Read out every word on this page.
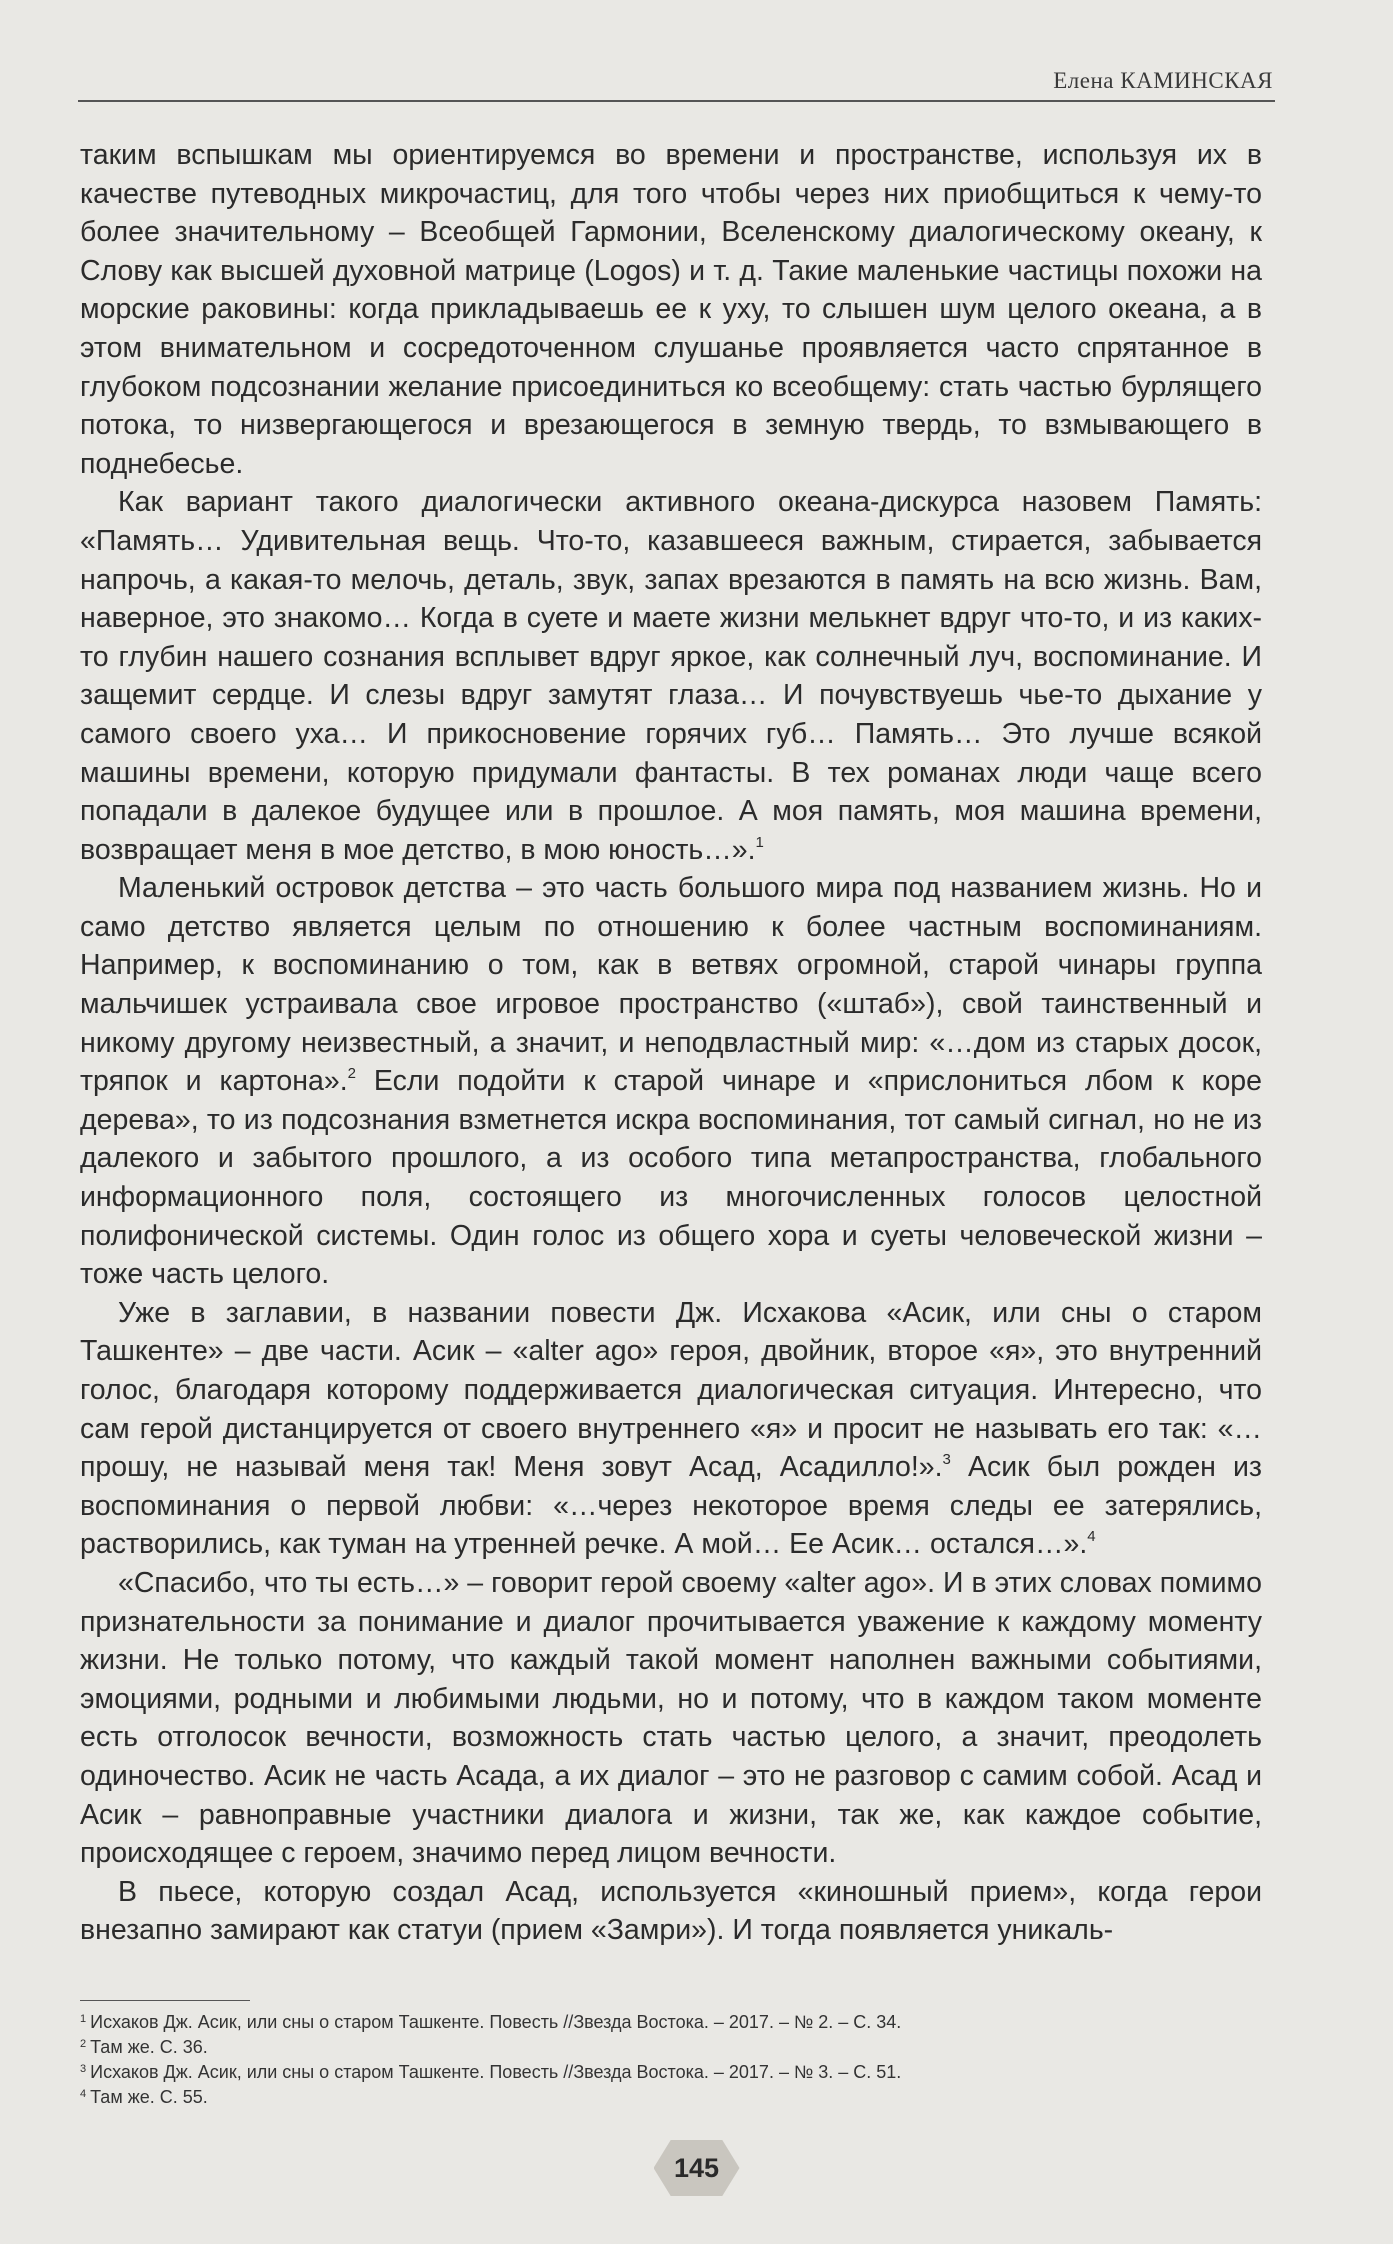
Елена КАМИНСКАЯ

таким вспышкам мы ориентируемся во времени и пространстве, используя их в качестве путеводных микрочастиц, для того чтобы через них приобщиться к чему-то более значительному – Всеобщей Гармонии, Вселенскому диалогическому океану, к Слову как высшей духовной матрице (Logos) и т. д. Такие маленькие частицы похожи на морские раковины: когда прикладываешь ее к уху, то слышен шум целого океана, а в этом внимательном и сосредоточенном слушанье проявляется часто спрятанное в глубоком подсознании желание присоединиться ко всеобщему: стать частью бурлящего потока, то низвергающегося и врезающегося в земную твердь, то взмывающего в поднебесье.

Как вариант такого диалогически активного океана-дискурса назовем Память: «Память… Удивительная вещь. Что-то, казавшееся важным, стирается, забывается напрочь, а какая-то мелочь, деталь, звук, запах врезаются в память на всю жизнь. Вам, наверное, это знакомо… Когда в суете и маете жизни мелькнет вдруг что-то, и из каких-то глубин нашего сознания всплывет вдруг яркое, как солнечный луч, воспоминание. И защемит сердце. И слезы вдруг замутят глаза… И почувствуешь чье-то дыхание у самого своего уха… И прикосновение горячих губ… Память… Это лучше всякой машины времени, которую придумали фантасты. В тех романах люди чаще всего попадали в далекое будущее или в прошлое. А моя память, моя машина времени, возвращает меня в мое детство, в мою юность…».$^1$

Маленький островок детства – это часть большого мира под названием жизнь. Но и само детство является целым по отношению к более частным воспоминаниям. Например, к воспоминанию о том, как в ветвях огромной, старой чинары группа мальчишек устраивала свое игровое пространство («штаб»), свой таинственный и никому другому неизвестный, а значит, и неподвластный мир: «…дом из старых досок, тряпок и картона».$^2$ Если подойти к старой чинаре и «прислониться лбом к коре дерева», то из подсознания взметнется искра воспоминания, тот самый сигнал, но не из далекого и забытого прошлого, а из особого типа метапространства, глобального информационного поля, состоящего из многочисленных голосов целостной полифонической системы. Один голос из общего хора и суеты человеческой жизни – тоже часть целого.

Уже в заглавии, в названии повести Дж. Исхакова «Асик, или сны о старом Ташкенте» – две части. Асик – «alter ago» героя, двойник, второе «я», это внутренний голос, благодаря которому поддерживается диалогическая ситуация. Интересно, что сам герой дистанцируется от своего внутреннего «я» и просит не называть его так: «…прошу, не называй меня так! Меня зовут Асад, Асадилло!».$^3$ Асик был рожден из воспоминания о первой любви: «…через некоторое время следы ее затерялись, растворились, как туман на утренней речке. А мой… Ее Асик… остался…».$^4$

«Спасибо, что ты есть…» – говорит герой своему «alter ago». И в этих словах помимо признательности за понимание и диалог прочитывается уважение к каждому моменту жизни. Не только потому, что каждый такой момент наполнен важными событиями, эмоциями, родными и любимыми людьми, но и потому, что в каждом таком моменте есть отголосок вечности, возможность стать частью целого, а значит, преодолеть одиночество. Асик не часть Асада, а их диалог – это не разговор с самим собой. Асад и Асик – равноправные участники диалога и жизни, так же, как каждое событие, происходящее с героем, значимо перед лицом вечности.

В пьесе, которую создал Асад, используется «киношный прием», когда герои внезапно замирают как статуи (прием «Замри»). И тогда появляется уникаль-

$^1$ Исхаков Дж. Асик, или сны о старом Ташкенте. Повесть //Звезда Востока. – 2017. – № 2. – С. 34.

$^2$ Там же. С. 36.

$^3$ Исхаков Дж. Асик, или сны о старом Ташкенте. Повесть //Звезда Востока. – 2017. – № 3. – С. 51.

$^4$ Там же. С. 55.

145
